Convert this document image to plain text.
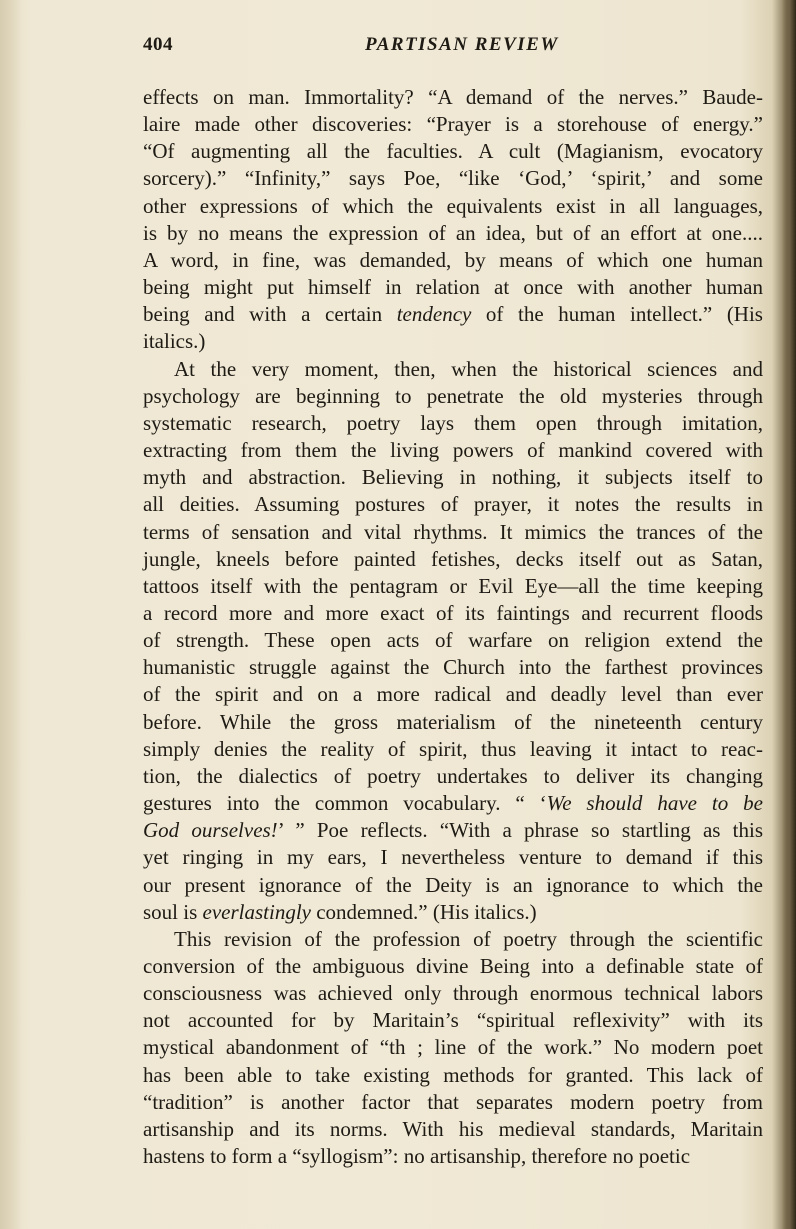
404	PARTISAN REVIEW

effects on man. Immortality? “A demand of the nerves.” Baude-
laire made other discoveries: “Prayer is a storehouse of energy.”
“Of augmenting all the faculties. A cult (Magianism, evocatory
sorcery).” “Infinity,” says Poe, “like ‘God,’ ‘spirit,’ and some
other expressions of which the equivalents exist in all languages,
is by no means the expression of an idea, but of an effort at one....
A word, in fine, was demanded, by means of which one human
being might put himself in relation at once with another human
being and with a certain tendency of the human intellect.” (His
italics.)

At the very moment, then, when the historical sciences and
psychology are beginning to penetrate the old mysteries through
systematic research, poetry lays them open through imitation,
extracting from them the living powers of mankind covered with
myth and abstraction. Believing in nothing, it subjects itself to
all deities. Assuming postures of prayer, it notes the results in
terms of sensation and vital rhythms. It mimics the trances of the
jungle, kneels before painted fetishes, decks itself out as Satan,
tattoos itself with the pentagram or Evil Eye—all the time keeping
a record more and more exact of its faintings and recurrent floods
of strength. These open acts of warfare on religion extend the
humanistic struggle against the Church into the farthest provinces
of the spirit and on a more radical and deadly level than ever
before. While the gross materialism of the nineteenth century
simply denies the reality of spirit, thus leaving it intact to reac-
tion, the dialectics of poetry undertakes to deliver its changing
gestures into the common vocabulary. “ ‘We should have to be
God ourselves!’ ” Poe reflects. “With a phrase so startling as this
yet ringing in my ears, I nevertheless venture to demand if this
our present ignorance of the Deity is an ignorance to which the
soul is everlastingly condemned.” (His italics.)

This revision of the profession of poetry through the scientific
conversion of the ambiguous divine Being into a definable state of
consciousness was achieved only through enormous technical labors
not accounted for by Maritain’s “spiritual reflexivity” with its
mystical abandonment of “th ; line of the work.” No modern poet
has been able to take existing methods for granted. This lack of
“tradition” is another factor that separates modern poetry from
artisanship and its norms. With his medieval standards, Maritain
hastens to form a “syllogism”: no artisanship, therefore no poetic
